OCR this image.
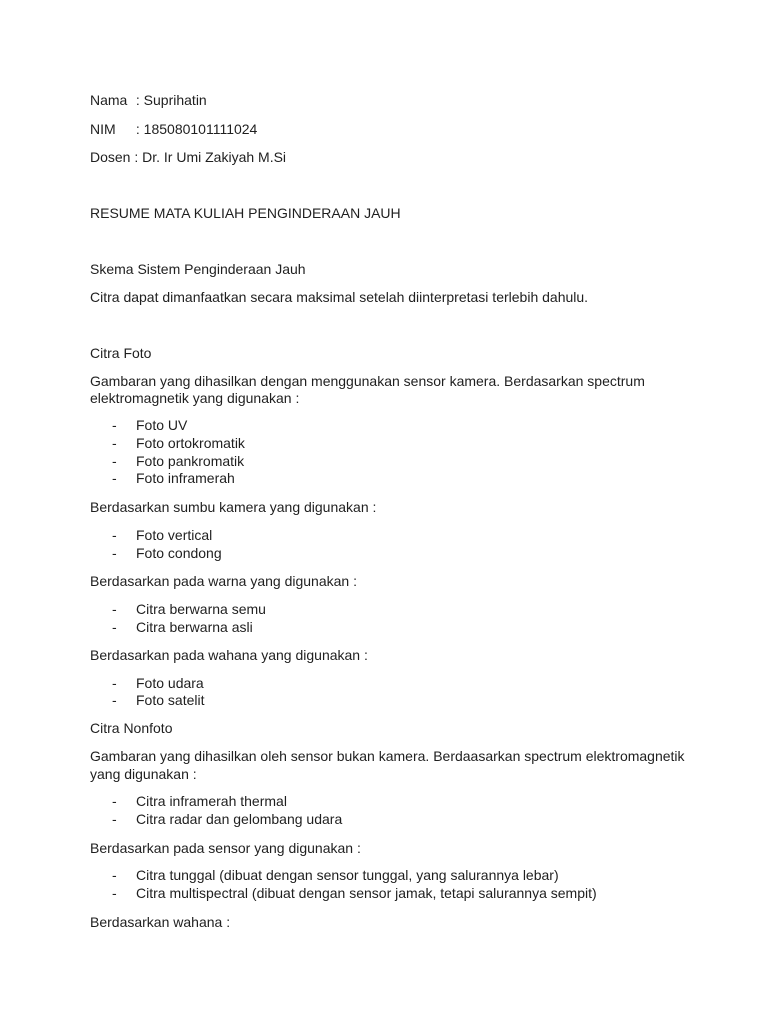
Nama : Suprihatin
NIM : 185080101111024
Dosen : Dr. Ir Umi Zakiyah M.Si
RESUME MATA KULIAH PENGINDERAAN JAUH
Skema Sistem Penginderaan Jauh
Citra dapat dimanfaatkan secara maksimal setelah diinterpretasi terlebih dahulu.
Citra Foto
Gambaran yang dihasilkan dengan menggunakan sensor kamera. Berdasarkan spectrum
elektromagnetik yang digunakan :
- Foto UV
- Foto ortokromatik
- Foto pankromatik
- Foto inframerah
Berdasarkan sumbu kamera yang digunakan :
- Foto vertical
- Foto condong
Berdasarkan pada warna yang digunakan :
- Citra berwarna semu
- Citra berwarna asli
Berdasarkan pada wahana yang digunakan :
- Foto udara
- Foto satelit
Citra Nonfoto
Gambaran yang dihasilkan oleh sensor bukan kamera. Berdaasarkan spectrum elektromagnetik
yang digunakan :
- Citra inframerah thermal
- Citra radar dan gelombang udara
Berdasarkan pada sensor yang digunakan :
- Citra tunggal (dibuat dengan sensor tunggal, yang salurannya lebar)
- Citra multispectral (dibuat dengan sensor jamak, tetapi salurannya sempit)
Berdasarkan wahana :
